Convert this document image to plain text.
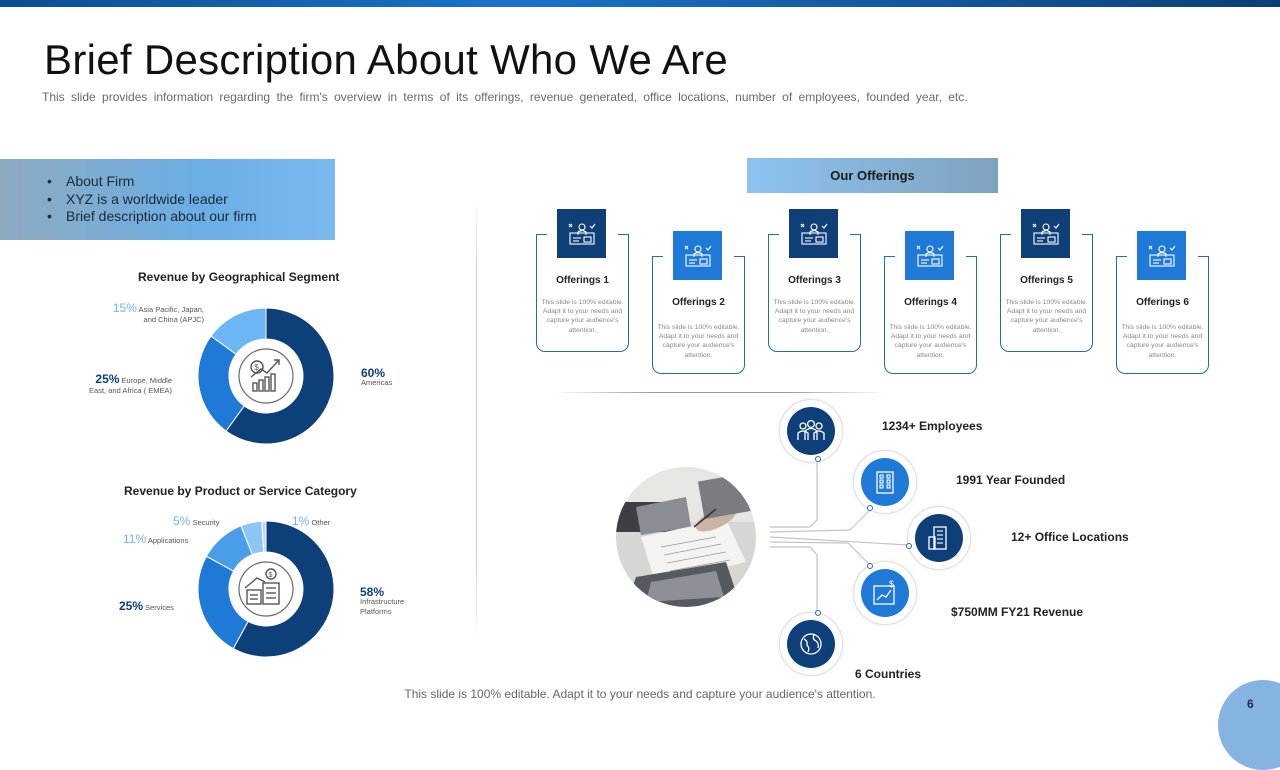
Brief Description About Who We Are
This slide provides information regarding the firm's overview in terms of its offerings, revenue generated, office locations, number of employees, founded year, etc.
• About Firm
• XYZ is a worldwide leader
• Brief description about our firm
Revenue by Geographical Segment
$
15% Asia Pacific, Japan, and China (APJC)
25% Europe, Middle East, and Africa ( EMEA)
60%
Americas
Revenue by Product or Service Category
$
5% Security
11% Applications
1% Other
25% Services
58%
Infrastructure Platforms
Our Offerings
Offerings 1
This slide is 100% editable. Adapt it to your needs and capture your audience's attention.
Offerings 2
This slide is 100% editable. Adapt it to your needs and capture your audience's attention.
Offerings 3
This slide is 100% editable. Adapt it to your needs and capture your audience's attention.
Offerings 4
This slide is 100% editable. Adapt it to your needs and capture your audience's attention.
Offerings 5
This slide is 100% editable. Adapt it to your needs and capture your audience's attention.
Offerings 6
This slide is 100% editable. Adapt it to your needs and capture your audience's attention.
1234+ Employees
1991 Year Founded
12+ Office Locations
$
$750MM FY21 Revenue
6 Countries
This slide is 100% editable. Adapt it to your needs and capture your audience's attention.
6
